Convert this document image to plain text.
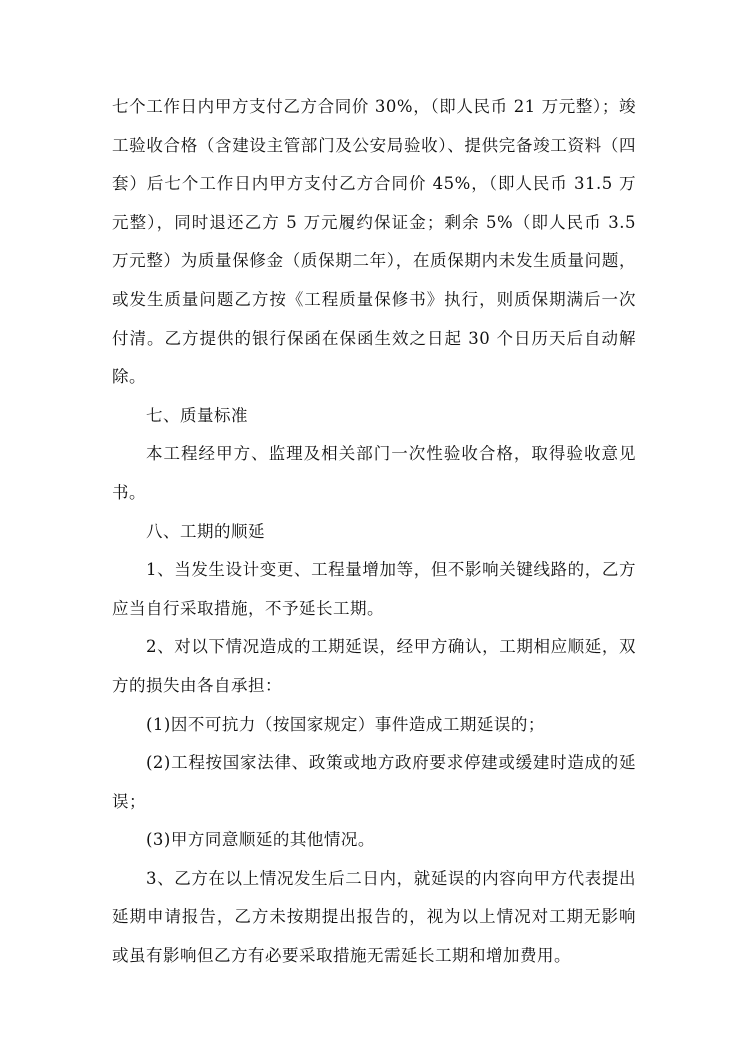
七个工作日内甲方支付乙方合同价 30%，（即人民币 21 万元整）；竣工验收合格（含建设主管部门及公安局验收）、提供完备竣工资料（四套）后七个工作日内甲方支付乙方合同价 45%，（即人民币 31.5 万元整），同时退还乙方 5 万元履约保证金；剩余 5%（即人民币 3.5 万元整）为质量保修金（质保期二年），在质保期内未发生质量问题，或发生质量问题乙方按《工程质量保修书》执行，则质保期满后一次付清。乙方提供的银行保函在保函生效之日起 30 个日历天后自动解除。

七、质量标准

本工程经甲方、监理及相关部门一次性验收合格，取得验收意见书。

八、工期的顺延

1、当发生设计变更、工程量增加等，但不影响关键线路的，乙方应当自行采取措施，不予延长工期。

2、对以下情况造成的工期延误，经甲方确认，工期相应顺延，双方的损失由各自承担：

(1)因不可抗力（按国家规定）事件造成工期延误的；

(2)工程按国家法律、政策或地方政府要求停建或缓建时造成的延误；

(3)甲方同意顺延的其他情况。

3、乙方在以上情况发生后二日内，就延误的内容向甲方代表提出延期申请报告，乙方未按期提出报告的，视为以上情况对工期无影响或虽有影响但乙方有必要采取措施无需延长工期和增加费用。
